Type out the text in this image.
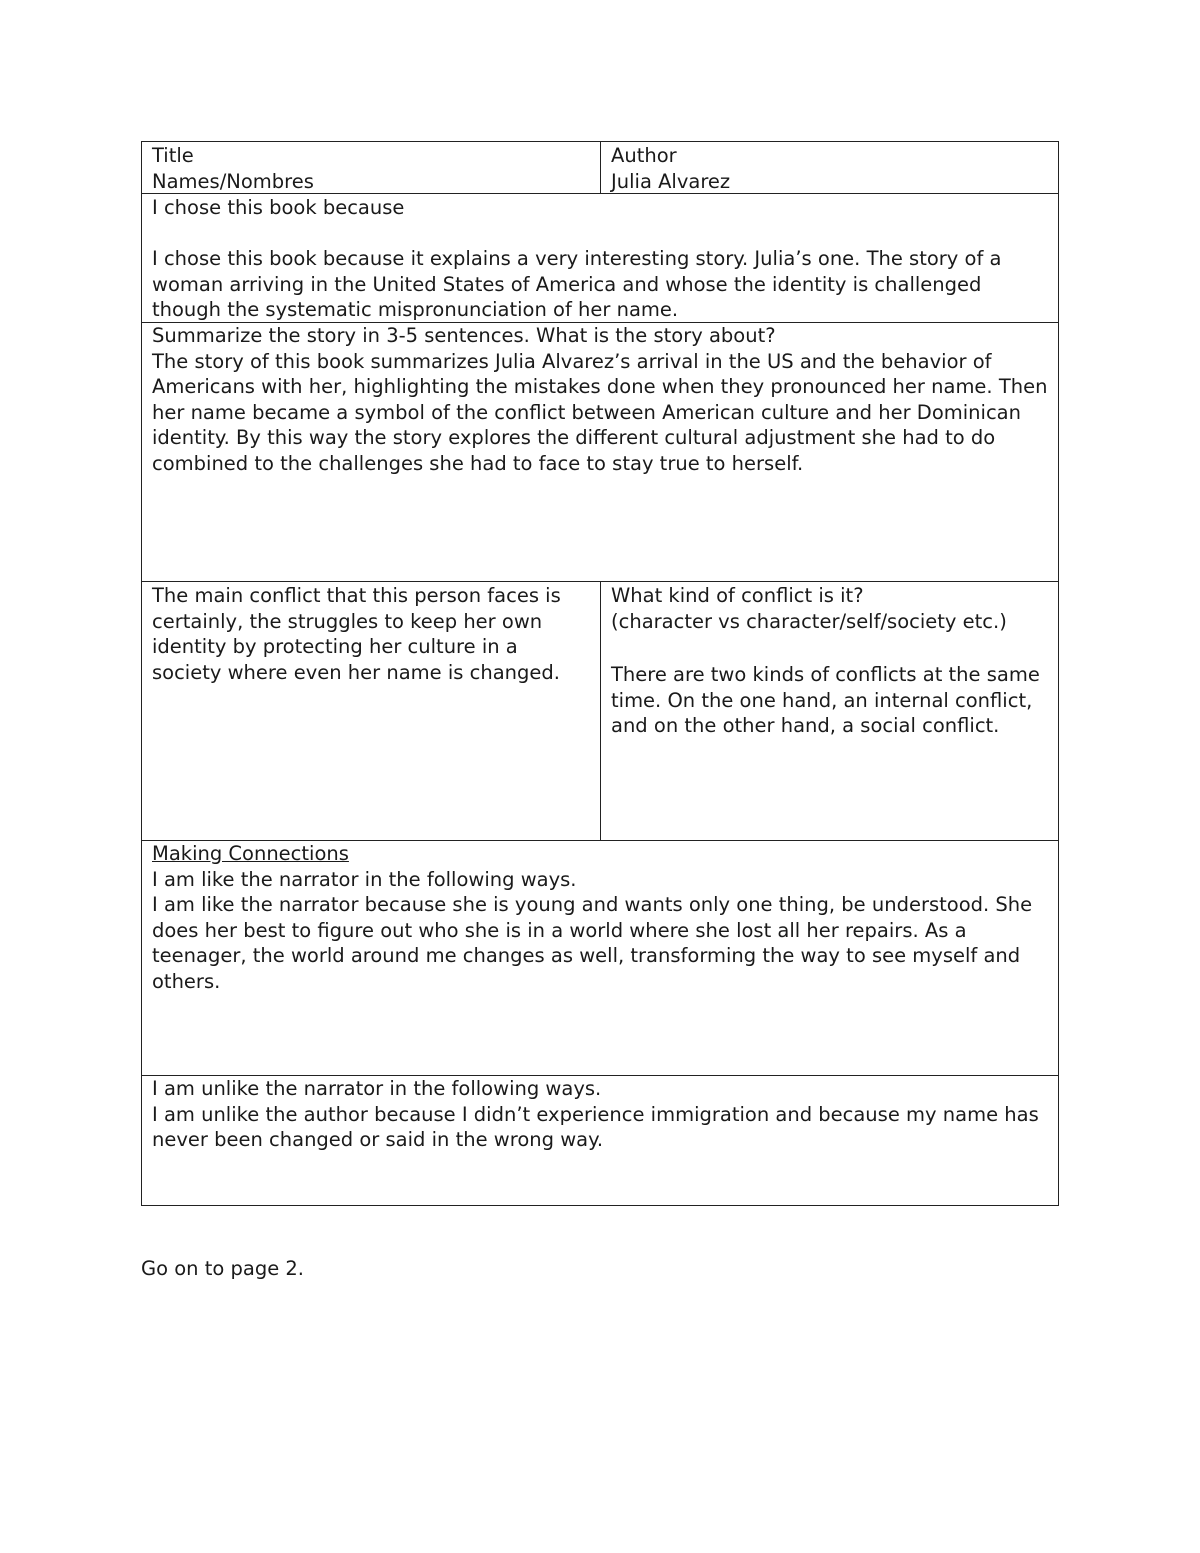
Title
Names/Nombres
Author
Julia Alvarez
I chose this book because
I chose this book because it explains a very interesting story. Julia’s one. The story of a woman arriving in the United States of America and whose the identity is challenged though the systematic mispronunciation of her name.
Summarize the story in 3-5 sentences. What is the story about?
The story of this book summarizes Julia Alvarez’s arrival in the US and the behavior of Americans with her, highlighting the mistakes done when they pronounced her name. Then her name became a symbol of the conflict between American culture and her Dominican identity. By this way the story explores the different cultural adjustment she had to do combined to the challenges she had to face to stay true to herself.
The main conflict that this person faces is
certainly, the struggles to keep her own identity by protecting her culture in a society where even her name is changed.
What kind of conflict is it?
(character vs character/self/society etc.)
There are two kinds of conflicts at the same time. On the one hand, an internal conflict, and on the other hand, a social conflict.
Making Connections
I am like the narrator in the following ways.
I am like the narrator because she is young and wants only one thing, be understood. She does her best to figure out who she is in a world where she lost all her repairs. As a teenager, the world around me changes as well, transforming the way to see myself and others.
I am unlike the narrator in the following ways.
I am unlike the author because I didn’t experience immigration and because my name has never been changed or said in the wrong way.
Go on to page 2.
